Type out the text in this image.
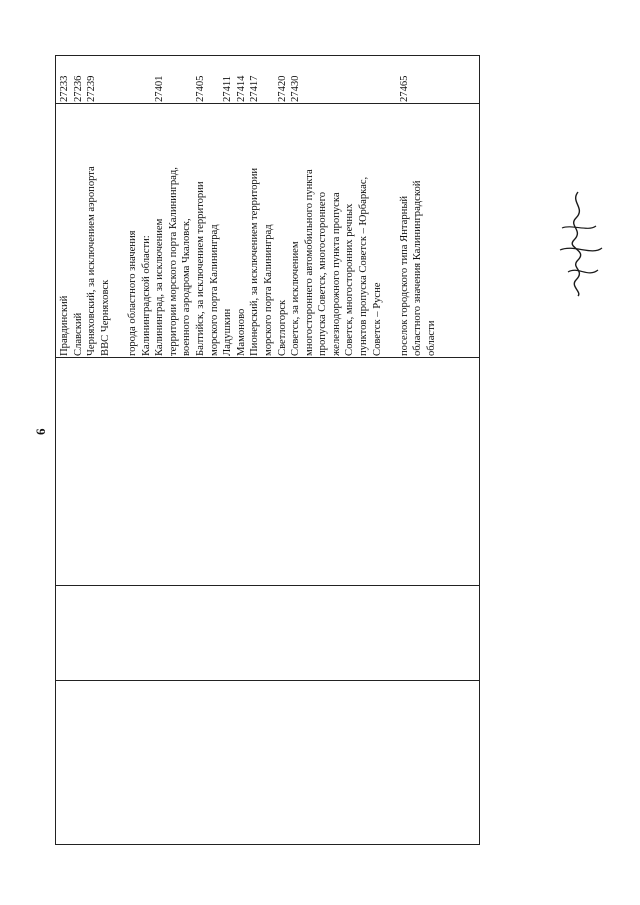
6
Правдинский
Славский
Черняховский, за исключением аэропорта
ВВС Черняховск

города областного значения
Калининградской области:
Калининград, за исключением
территории морского порта Калининград,
военного аэродрома Чкаловск,
Балтийск, за исключением территории
морского порта Калининград
Ладушкин
Мамоново
Пионерский, за исключением территории
морского порта Калининград
Светлогорск
Советск, за исключением
многостороннего автомобильного пункта
пропуска Советск, многостороннего
железнодорожного пункта пропуска
Советск, многосторонних речных
пунктов пропуска Советск – Юрбаркас,
Советск – Русне

поселок городского типа Янтарный
областного значения Калининградской
области
27233
27236
27239

27401

27405

27411
27414
27417

27420
27430

27465
